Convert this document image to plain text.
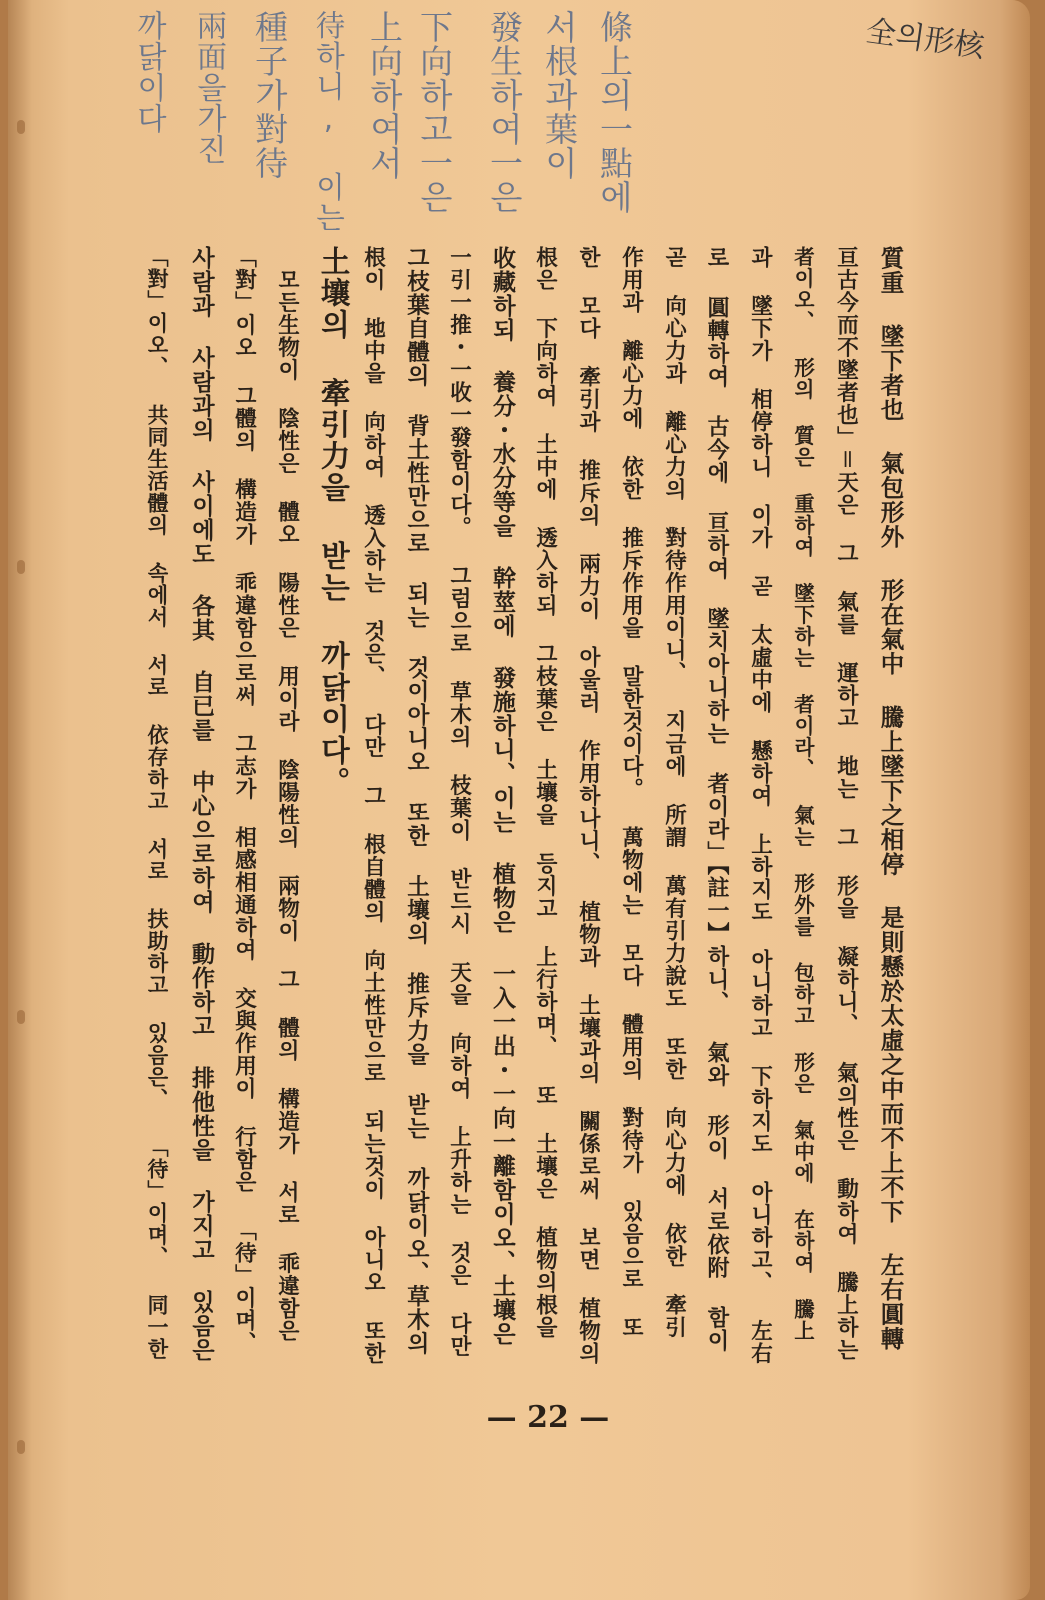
全의形核
條上의一點에
서根과葉이
發生하여一은
下向하고一은
上向하여서
待하니, 이는
種子가對待
兩面을가진
까닭이다
質重 墜下者也 氣包形外 形在氣中 騰上墜下之相停 是則懸於太虛之中而不上不下 左右圓轉
亘古今而不墜者也」＝天은 그 氣를 運하고 地는 그 形을 凝하니、 氣의性은 動하여 騰上하는
者이오、 形의 質은 重하여 墜下하는 者이라、 氣는 形外를 包하고 形은 氣中에 在하여 騰上
과 墜下가 相停하니 이가 곧 太虛中에 懸하여 上하지도 아니하고 下하지도 아니하고、 左右
로 圓轉하여 古今에 亘하여 墜치아니하는 者이라」【註一】하니、 氣와 形이 서로依附 함이
곧 向心力과 離心力의 對待作用이니、 지금에 所謂 萬有引力說도 또한 向心力에 依한 牽引
作用과 離心力에 依한 推斥作用을 말한것이다。 萬物에는 모다 體用의 對待가 있음으로 또
한 모다 牽引과 推斥의 兩力이 아울러 作用하나니、 植物과 土壤과의 關係로써 보면 植物의
根은 下向하여 土中에 透入하되 그枝葉은 土壤을 등지고 上行하며、 또 土壤은 植物의根을
收藏하되 養分・水分等을 幹莖에 發施하니、이는 植物은 一入一出・一向一離함이오、土壤은
一引一推・一收一發함이다。 그럼으로 草木의 枝葉이 반드시 天을 向하여 上升하는 것은 다만
그枝葉自體의 背土性만으로 되는 것이아니오 또한 土壤의 推斥力을 받는 까닭이오、草木의
根이 地中을 向하여 透入하는 것은、 다만 그 根自體의 向土性만으로 되는것이 아니오 또한
土壤의 牽引力을 받는 까닭이다。
　모든生物이 陰性은 體오 陽性은 用이라 陰陽性의 兩物이 그 體의 構造가 서로 乖違함은
「對」이오 그體의 構造가 乖違함으로써 그志가 相感相通하여 交與作用이 行함은 「待」이며、
사람과 사람과의 사이에도 各其 自已를 中心으로하여 動作하고 排他性을 가지고 있음은
「對」이오、 共同生活體의 속에서 서로 依存하고 서로 扶助하고 있음은、 「待」이며、 同一한
— 22 —
